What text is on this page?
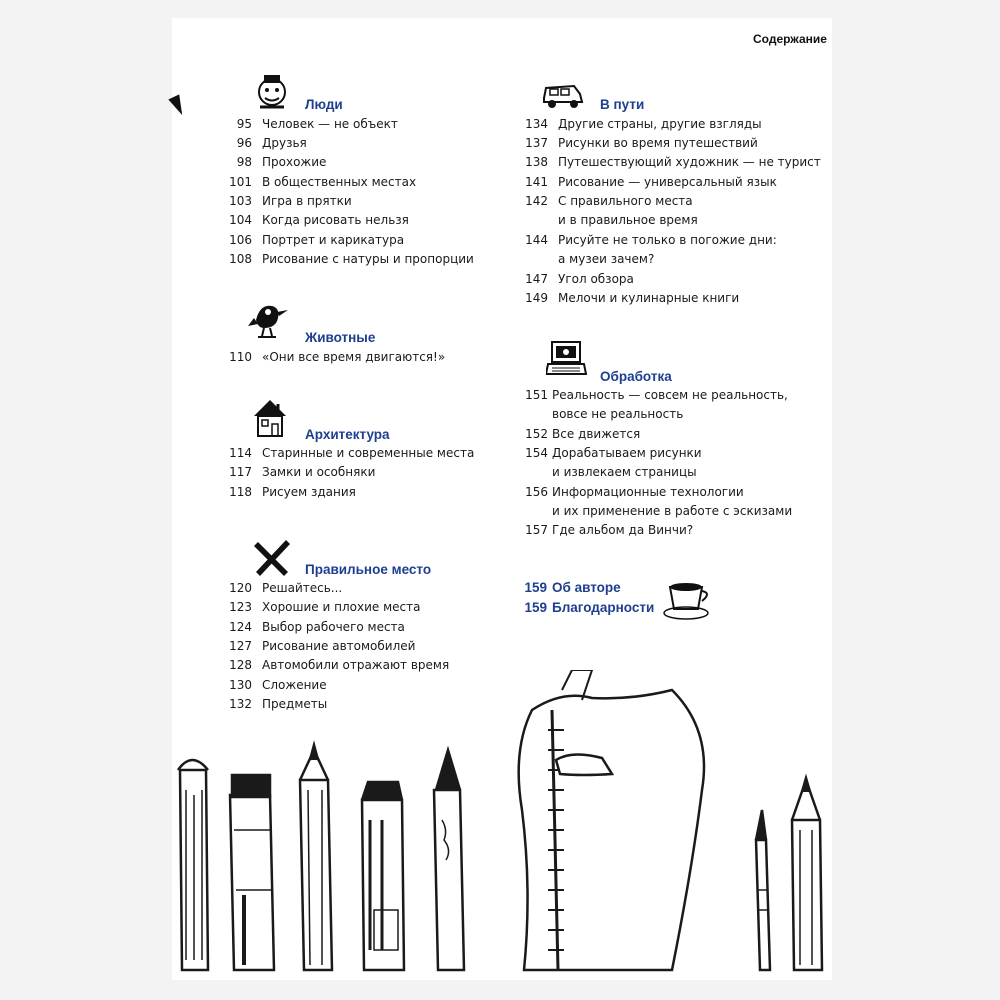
Содержание
Люди
95 Человек — не объект
96 Друзья
98 Прохожие
101 В общественных местах
103 Игра в прятки
104 Когда рисовать нельзя
106 Портрет и карикатура
108 Рисование с натуры и пропорции
Животные
110 «Они все время двигаются!»
Архитектура
114 Старинные и современные места
117 Замки и особняки
118 Рисуем здания
Правильное место
120 Решайтесь...
123 Хорошие и плохие места
124 Выбор рабочего места
127 Рисование автомобилей
128 Автомобили отражают время
130 Сложение
132 Предметы
В пути
134 Другие страны, другие взгляды
137 Рисунки во время путешествий
138 Путешествующий художник — не турист
141 Рисование — универсальный язык
142 С правильного места
и в правильное время
144 Рисуйте не только в погожие дни:
а музеи зачем?
147 Угол обзора
149 Мелочи и кулинарные книги
Обработка
151 Реальность — совсем не реальность,
вовсе не реальность
152 Все движется
154 Дорабатываем рисунки
и извлекаем страницы
156 Информационные технологии
и их применение в работе с эскизами
157 Где альбом да Винчи?
159 Об авторе
159 Благодарности
